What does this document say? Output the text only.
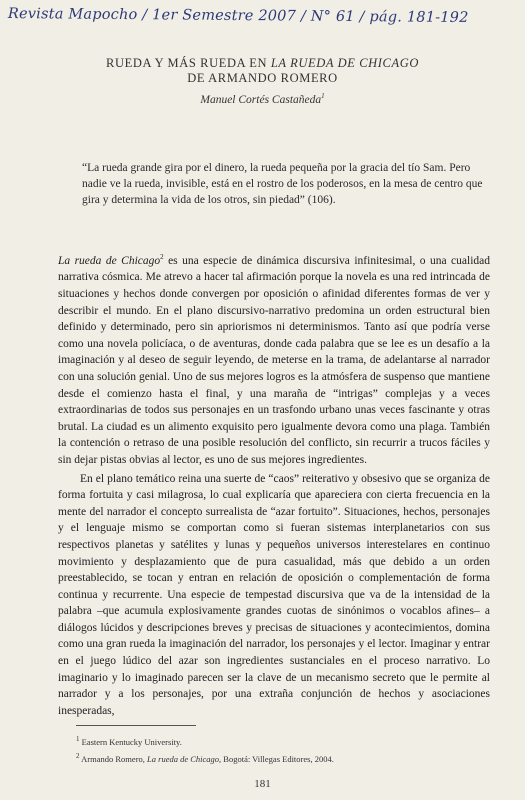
Revista Mapocho / 1er Semestre 2007 / N° 61 / pág. 181-192
RUEDA Y MÁS RUEDA EN LA RUEDA DE CHICAGO
DE ARMANDO ROMERO
Manuel Cortés Castañeda$^1$
“La rueda grande gira por el dinero, la rueda pequeña por la gracia del tío Sam. Pero nadie ve la rueda, invisible, está en el rostro de los poderosos, en la mesa de centro que gira y determina la vida de los otros, sin piedad” (106).

La rueda de Chicago$^2$ es una especie de dinámica discursiva infinitesimal, o una cualidad narrativa cósmica. Me atrevo a hacer tal afirmación porque la novela es una red intrincada de situaciones y hechos donde convergen por oposición o afinidad diferentes formas de ver y describir el mundo. En el plano discursivo-narrativo predomina un orden estructural bien definido y determinado, pero sin apriorismos ni determinismos. Tanto así que podría verse como una novela policíaca, o de aventuras, donde cada palabra que se lee es un desafío a la imaginación y al deseo de seguir leyendo, de meterse en la trama, de adelantarse al narrador con una solución genial. Uno de sus mejores logros es la atmósfera de suspenso que mantiene desde el comienzo hasta el final, y una maraña de “intrigas” complejas y a veces extraordinarias de todos sus personajes en un trasfondo urbano unas veces fascinante y otras brutal. La ciudad es un alimento exquisito pero igualmente devora como una plaga. También la contención o retraso de una posible resolución del conflicto, sin recurrir a trucos fáciles y sin dejar pistas obvias al lector, es uno de sus mejores ingredientes.

En el plano temático reina una suerte de “caos” reiterativo y obsesivo que se organiza de forma fortuita y casi milagrosa, lo cual explicaría que apareciera con cierta frecuencia en la mente del narrador el concepto surrealista de “azar fortuito”. Situaciones, hechos, personajes y el lenguaje mismo se comportan como si fueran sistemas interplanetarios con sus respectivos planetas y satélites y lunas y pequeños universos interestelares en continuo movimiento y desplazamiento que de pura casualidad, más que debido a un orden preestablecido, se tocan y entran en relación de oposición o complementación de forma continua y recurrente. Una especie de tempestad discursiva que va de la intensidad de la palabra –que acumula explosivamente grandes cuotas de sinónimos o vocablos afines– a diálogos lúcidos y descripciones breves y precisas de situaciones y acontecimientos, domina como una gran rueda la imaginación del narrador, los personajes y el lector. Imaginar y entrar en el juego lúdico del azar son ingredientes sustanciales en el proceso narrativo. Lo imaginario y lo imaginado parecen ser la clave de un mecanismo secreto que le permite al narrador y a los personajes, por una extraña conjunción de hechos y asociaciones inesperadas,

$^1$ Eastern Kentucky University.
$^2$ Armando Romero, La rueda de Chicago, Bogotá: Villegas Editores, 2004.
181
